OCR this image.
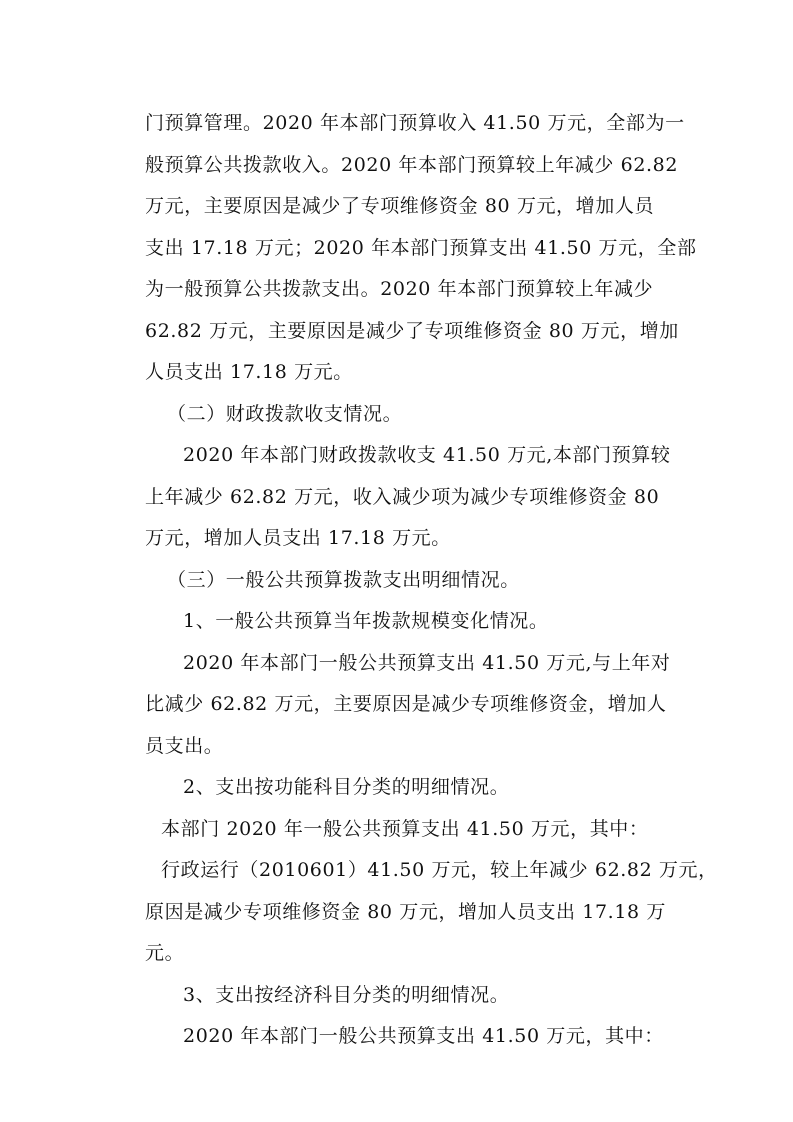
门预算管理。2020 年本部门预算收入 41.50 万元，全部为一
般预算公共拨款收入。2020 年本部门预算较上年减少 62.82
万元，主要原因是减少了专项维修资金 80 万元，增加人员
支出 17.18 万元；2020 年本部门预算支出 41.50 万元，全部
为一般预算公共拨款支出。2020 年本部门预算较上年减少
62.82 万元，主要原因是减少了专项维修资金 80 万元，增加
人员支出 17.18 万元。
（二）财政拨款收支情况。
2020 年本部门财政拨款收支 41.50 万元,本部门预算较
上年减少 62.82 万元，收入减少项为减少专项维修资金 80
万元，增加人员支出 17.18 万元。
（三）一般公共预算拨款支出明细情况。
1、一般公共预算当年拨款规模变化情况。
2020 年本部门一般公共预算支出 41.50 万元,与上年对
比减少 62.82 万元，主要原因是减少专项维修资金，增加人
员支出。
2、支出按功能科目分类的明细情况。
本部门 2020 年一般公共预算支出 41.50 万元，其中：
行政运行（2010601）41.50 万元，较上年减少 62.82 万元，
原因是减少专项维修资金 80 万元，增加人员支出 17.18 万
元。
3、支出按经济科目分类的明细情况。
2020 年本部门一般公共预算支出 41.50 万元，其中：
